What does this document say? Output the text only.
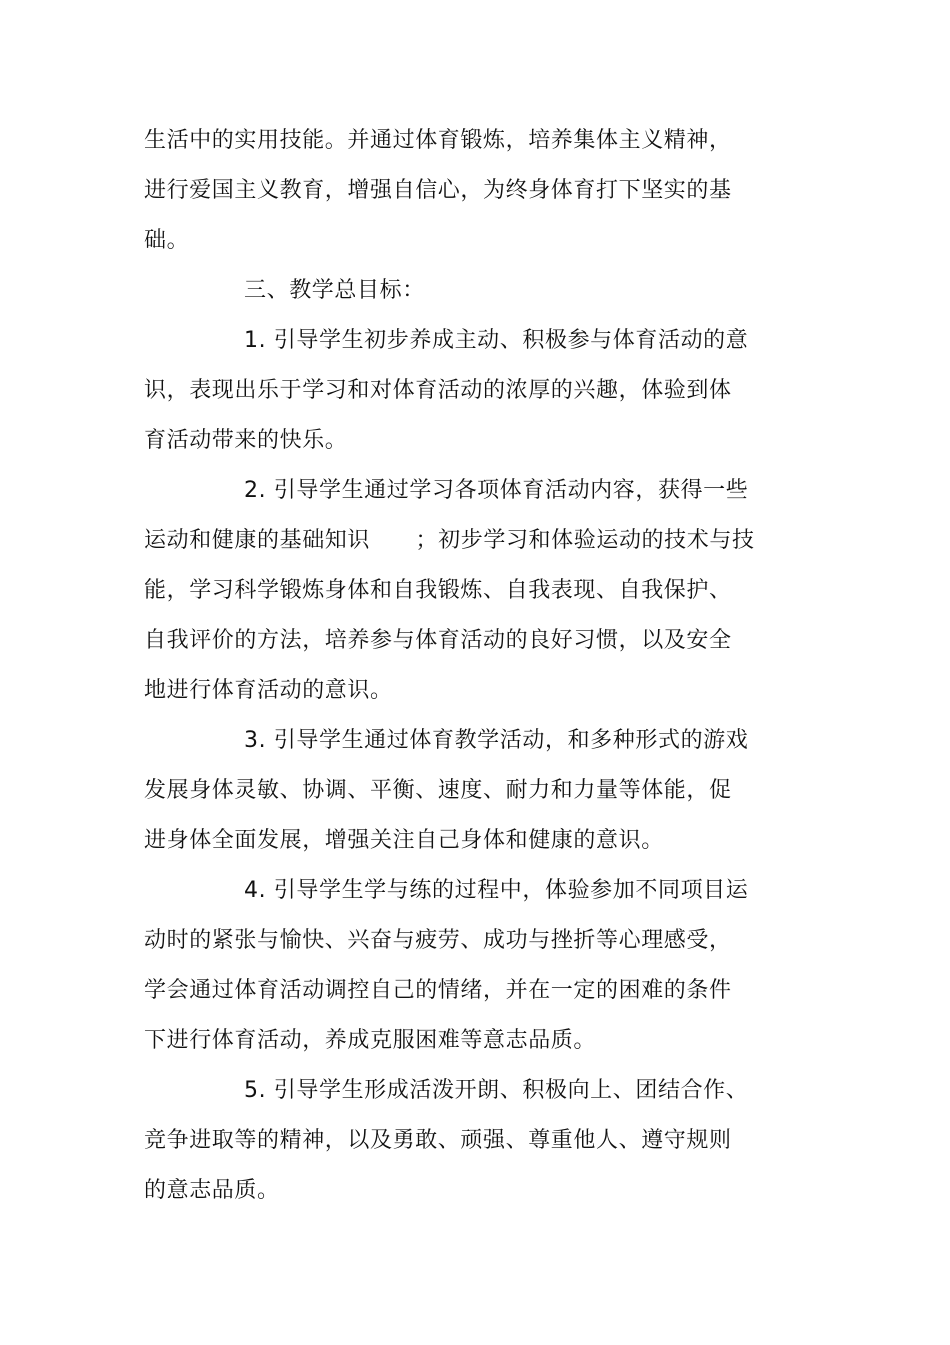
生活中的实用技能。并通过体育锻炼，培养集体主义精神，
进行爱国主义教育，增强自信心，为终身体育打下坚实的基
础。
三、教学总目标：
1. 引导学生初步养成主动、积极参与体育活动的意
识，表现出乐于学习和对体育活动的浓厚的兴趣，体验到体
育活动带来的快乐。
2. 引导学生通过学习各项体育活动内容，获得一些
运动和健康的基础知识      ；初步学习和体验运动的技术与技
能，学习科学锻炼身体和自我锻炼、自我表现、自我保护、
自我评价的方法，培养参与体育活动的良好习惯，以及安全
地进行体育活动的意识。
3. 引导学生通过体育教学活动，和多种形式的游戏
发展身体灵敏、协调、平衡、速度、耐力和力量等体能，促
进身体全面发展，增强关注自己身体和健康的意识。
4. 引导学生学与练的过程中，体验参加不同项目运
动时的紧张与愉快、兴奋与疲劳、成功与挫折等心理感受，
学会通过体育活动调控自己的情绪，并在一定的困难的条件
下进行体育活动，养成克服困难等意志品质。
5. 引导学生形成活泼开朗、积极向上、团结合作、
竞争进取等的精神，以及勇敢、顽强、尊重他人、遵守规则
的意志品质。
